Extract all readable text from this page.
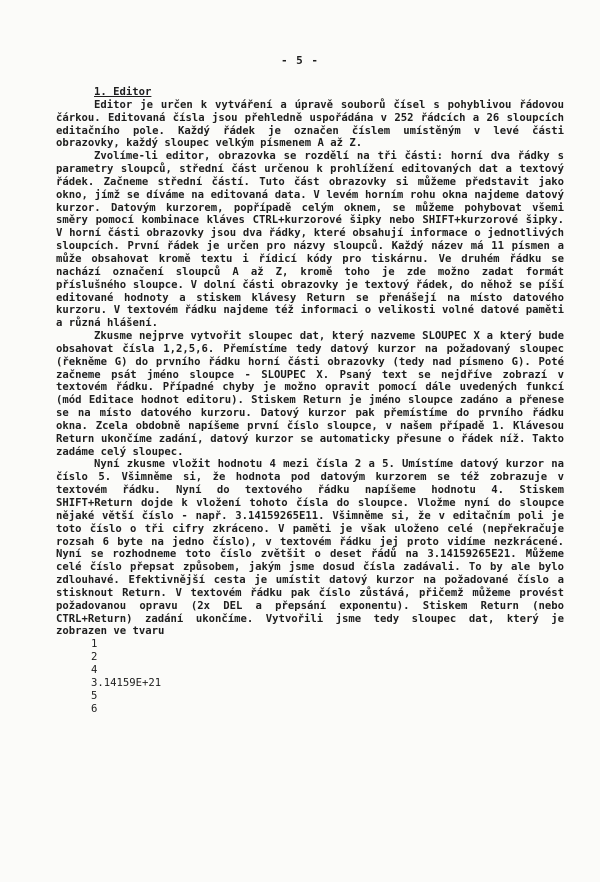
- 5 -

1. Editor

Editor je určen k vytváření a úpravě souborů čísel s pohyblivou řádovou čárkou. Editovaná čísla jsou přehledně uspořádána v 252 řádcích a 26 sloupcích editačního pole. Každý řádek je označen číslem umístěným v levé části obrazovky, každý sloupec velkým písmenem A až Z.

Zvolíme-li editor, obrazovka se rozdělí na tři části: horní dva řádky s parametry sloupců, střední část určenou k prohlížení editovaných dat a textový řádek. Začneme střední částí. Tuto část obrazovky si můžeme představit jako okno, jímž se díváme na editovaná data. V levém horním rohu okna najdeme datový kurzor. Datovým kurzorem, popřípadě celým oknem, se můžeme pohybovat všemi směry pomocí kombinace kláves CTRL+kurzorové šipky nebo SHIFT+kurzorové šipky. V horní části obrazovky jsou dva řádky, které obsahují informace o jednotlivých sloupcích. První řádek je určen pro názvy sloupců. Každý název má 11 písmen a může obsahovat kromě textu i řídicí kódy pro tiskárnu. Ve druhém řádku se nachází označení sloupců A až Z, kromě toho je zde možno zadat formát příslušného sloupce. V dolní části obrazovky je textový řádek, do něhož se píší editované hodnoty a stiskem klávesy Return se přenášejí na místo datového kurzoru. V textovém řádku najdeme též informaci o velikosti volné datové paměti a různá hlášení.

Zkusme nejprve vytvořit sloupec dat, který nazveme SLOUPEC X a který bude obsahovat čísla 1,2,5,6. Přemístíme tedy datový kurzor na požadovaný sloupec (řekněme G) do prvního řádku horní části obrazovky (tedy nad písmeno G). Poté začneme psát jméno sloupce - SLOUPEC X. Psaný text se nejdříve zobrazí v textovém řádku. Případné chyby je možno opravit pomocí dále uvedených funkcí (mód Editace hodnot editoru). Stiskem Return je jméno sloupce zadáno a přenese se na místo datového kurzoru. Datový kurzor pak přemístíme do prvního řádku okna. Zcela obdobně napíšeme první číslo sloupce, v našem případě 1. Klávesou Return ukončíme zadání, datový kurzor se automaticky přesune o řádek níž. Takto zadáme celý sloupec.

Nyní zkusme vložit hodnotu 4 mezi čísla 2 a 5. Umístíme datový kurzor na číslo 5. Všimněme si, že hodnota pod datovým kurzorem se též zobrazuje v textovém řádku. Nyní do textového řádku napíšeme hodnotu 4. Stiskem SHIFT+Return dojde k vložení tohoto čísla do sloupce. Vložme nyní do sloupce nějaké větší číslo - např. 3.14159265E11. Všimněme si, že v editačním poli je toto číslo o tři cifry zkráceno. V paměti je však uloženo celé (nepřekračuje rozsah 6 byte na jedno číslo), v textovém řádku jej proto vidíme nezkrácené. Nyní se rozhodneme toto číslo zvětšit o deset řádů na 3.14159265E21. Můžeme celé číslo přepsat způsobem, jakým jsme dosud čísla zadávali. To by ale bylo zdlouhavé. Efektivnější cesta je umístit datový kurzor na požadované číslo a stisknout Return. V textovém řádku pak číslo zůstává, přičemž můžeme provést požadovanou opravu (2x DEL a přepsání exponentu). Stiskem Return (nebo CTRL+Return) zadání ukončíme. Vytvořili jsme tedy sloupec dat, který je zobrazen ve tvaru

1
2
4
3.14159E+21
5
6
